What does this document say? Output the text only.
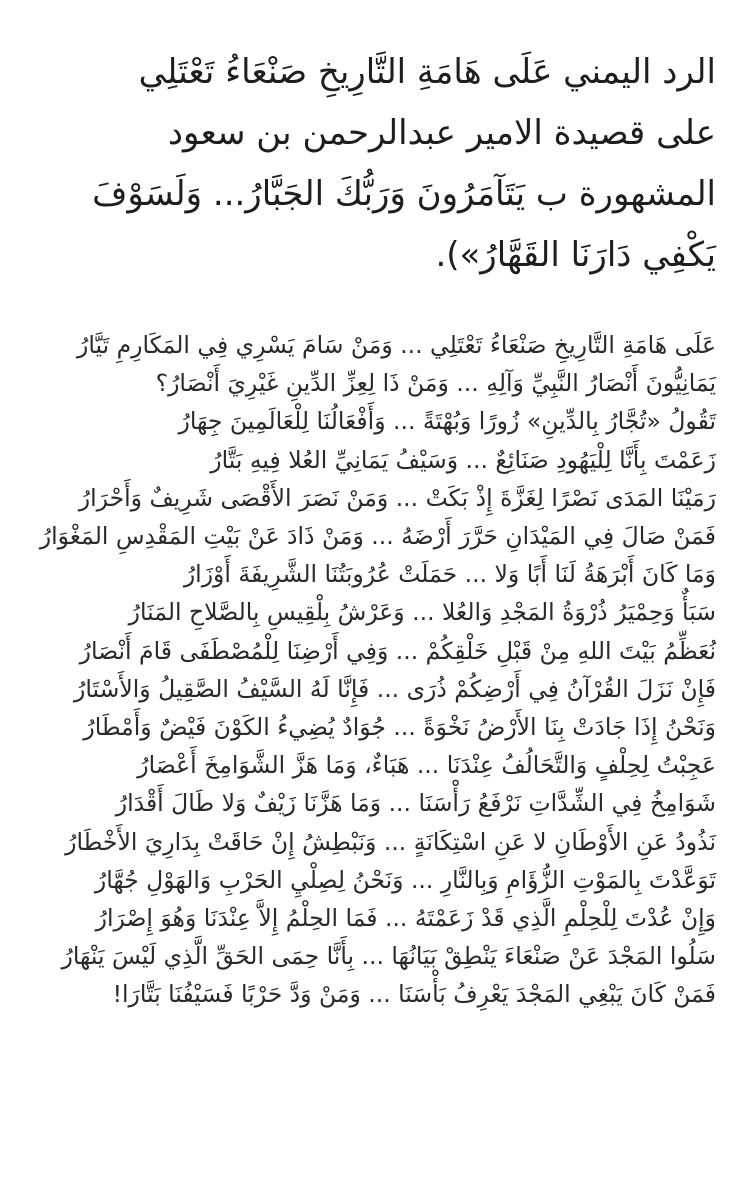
الرد اليمني عَلَى هَامَةِ التَّارِيخِ صَنْعَاءُ تَعْتَلِي
على قصيدة الامير عبدالرحمن بن سعود
المشهورة ب يَتَآمَرُونَ وَرَبُّكَ الجَبَّارُ... وَلَسَوْفَ
يَكْفِي دَارَنَا القَهَّارُ»).
عَلَى هَامَةِ التَّارِيخِ صَنْعَاءُ تَعْتَلِي ... وَمَنْ سَامَ يَسْرِي فِي المَكَارِمِ تَيَّارُ
يَمَانِيُّونَ أَنْصَارُ النَّبِيِّ وَآلِهِ ... وَمَنْ ذَا لِعِزِّ الدِّينِ غَيْرِيَ أَنْصَارُ؟
تَقُولُ «تُجَّارُ بِالدِّينِ» زُورًا وَبُهْتَةً ... وَأَفْعَالُنَا لِلْعَالَمِينَ جِهَارُ
زَعَمْتَ بِأَنَّا لِلْيَهُودِ صَنَائِعٌ ... وَسَيْفُ يَمَانِيِّ العُلا فِيهِ بَتَّارُ
رَمَيْنَا المَدَى نَصْرًا لِغَزَّةَ إِذْ بَكَتْ ... وَمَنْ نَصَرَ الأَقْصَى شَرِيفٌ وَأَحْرَارُ
فَمَنْ صَالَ فِي المَيْدَانِ حَرَّرَ أَرْضَهُ ... وَمَنْ ذَادَ عَنْ بَيْتِ المَقْدِسِ المَغْوَارُ
وَمَا كَانَ أَبْرَهَةُ لَنَا أَبًا وَلا ... حَمَلَتْ عُرُوبَتُنَا الشَّرِيفَةَ أَوْزَارُ
سَبَأٌ وَحِمْيَرُ ذُرْوَةُ المَجْدِ وَالعُلا ... وَعَرْشُ بِلْقِيسِ بِالصَّلاحِ المَنَارُ
نُعَظِّمُ بَيْتَ اللهِ مِنْ قَبْلِ خَلْقِكُمْ ... وَفِي أَرْضِنَا لِلْمُصْطَفَى قَامَ أَنْصَارُ
فَإِنْ نَزَلَ القُرْآنُ فِي أَرْضِكُمْ ذُرَى ... فَإِنَّا لَهُ السَّيْفُ الصَّقِيلُ وَالأَسْتَارُ
وَنَحْنُ إِذَا جَادَتْ بِنَا الأَرْضُ نَخْوَةً ... جُوَادٌ يُضِيءُ الكَوْنَ فَيْضٌ وَأَمْطَارُ
عَجِبْتُ لِحِلْفٍ وَالتَّحَالُفُ عِنْدَنَا ... هَبَاءٌ، وَمَا هَزَّ الشَّوَامِخَ أَعْصَارُ
شَوَامِخُ فِي الشِّدَّاتِ نَرْفَعُ رَأْسَنَا ... وَمَا هَزَّنَا زَيْفٌ وَلا طَالَ أَقْدَارُ
نَذُودُ عَنِ الأَوْطَانِ لا عَنِ اسْتِكَانَةٍ ... وَنَبْطِشُ إِنْ حَاقَتْ بِدَارِيَ الأَخْطَارُ
تَوَعَّدْتَ بِالمَوْتِ الزُّؤَامِ وَبِالنَّارِ ... وَنَحْنُ لِصِلْيِ الحَرْبِ وَالهَوْلِ جُهَّارُ
وَإِنْ عُدْتَ لِلْحِلْمِ الَّذِي قَدْ زَعَمْتَهُ ... فَمَا الحِلْمُ إِلاَّ عِنْدَنَا وَهُوَ إِصْرَارُ
سَلُوا المَجْدَ عَنْ صَنْعَاءَ يَنْطِقْ بَيَانُهَا ... بِأَنَّا حِمَى الحَقِّ الَّذِي لَيْسَ يَنْهَارُ
فَمَنْ كَانَ يَبْغِي المَجْدَ يَعْرِفُ بَأْسَنَا ... وَمَنْ وَدَّ حَرْبًا فَسَيْفُنَا بَتَّارَا!
